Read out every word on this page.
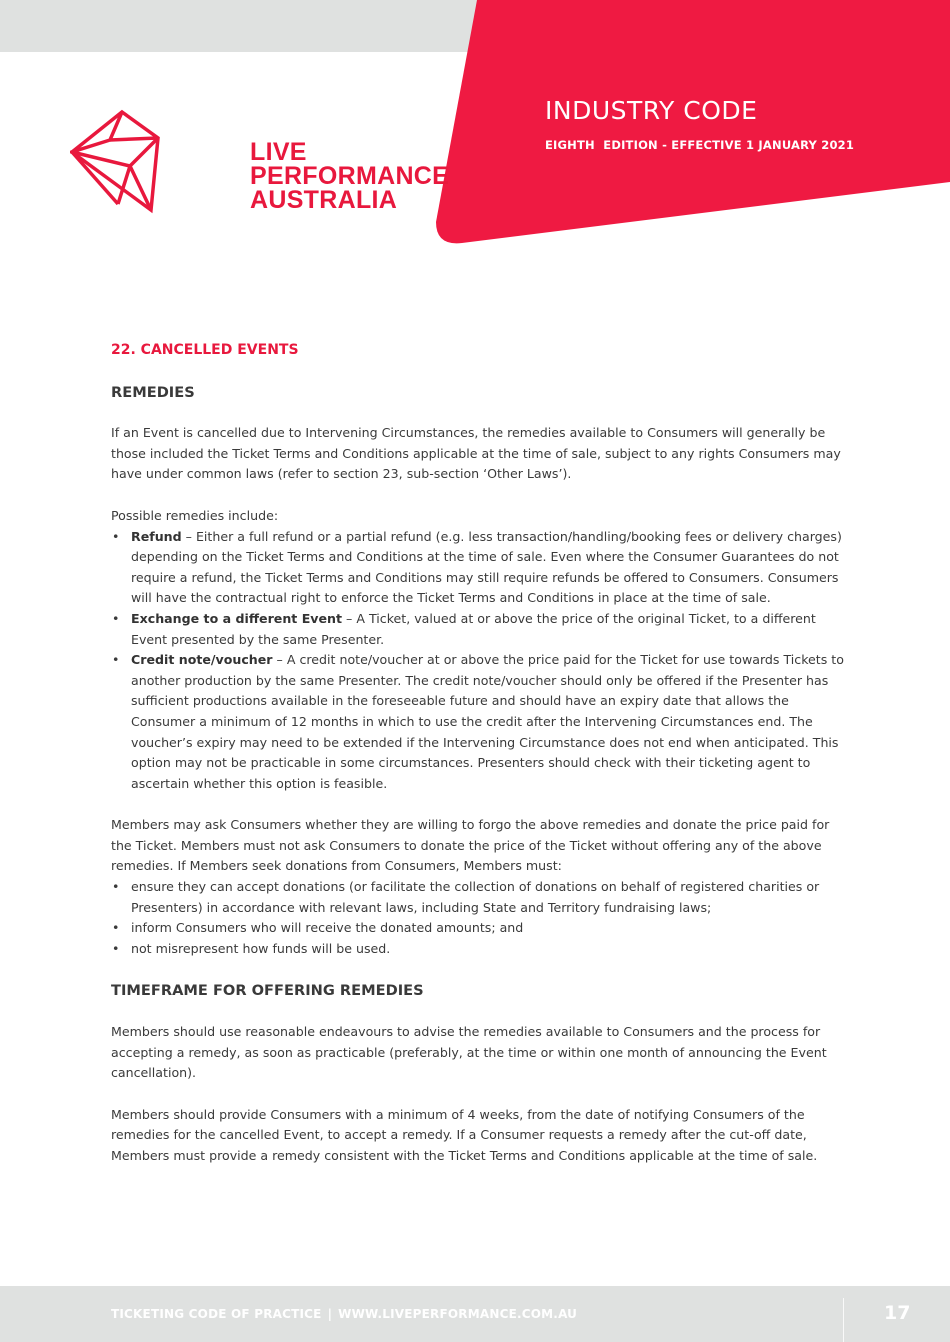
LIVE
PERFORMANCE
AUSTRALIA
INDUSTRY CODE
EIGHTH  EDITION - EFFECTIVE 1 JANUARY 2021
22. CANCELLED EVENTS
REMEDIES

If an Event is cancelled due to Intervening Circumstances, the remedies available to Consumers will generally be those included the Ticket Terms and Conditions applicable at the time of sale, subject to any rights Consumers may have under common laws (refer to section 23, sub-section ‘Other Laws’).

Possible remedies include:

• Refund – Either a full refund or a partial refund (e.g. less transaction/handling/booking fees or delivery charges) depending on the Ticket Terms and Conditions at the time of sale. Even where the Consumer Guarantees do not require a refund, the Ticket Terms and Conditions may still require refunds be offered to Consumers. Consumers will have the contractual right to enforce the Ticket Terms and Conditions in place at the time of sale.
• Exchange to a different Event – A Ticket, valued at or above the price of the original Ticket, to a different Event presented by the same Presenter.
• Credit note/voucher – A credit note/voucher at or above the price paid for the Ticket for use towards Tickets to another production by the same Presenter. The credit note/voucher should only be offered if the Presenter has sufficient productions available in the foreseeable future and should have an expiry date that allows the Consumer a minimum of 12 months in which to use the credit after the Intervening Circumstances end. The voucher’s expiry may need to be extended if the Intervening Circumstance does not end when anticipated. This option may not be practicable in some circumstances. Presenters should check with their ticketing agent to ascertain whether this option is feasible.

Members may ask Consumers whether they are willing to forgo the above remedies and donate the price paid for the Ticket. Members must not ask Consumers to donate the price of the Ticket without offering any of the above remedies. If Members seek donations from Consumers, Members must:

• ensure they can accept donations (or facilitate the collection of donations on behalf of registered charities or Presenters) in accordance with relevant laws, including State and Territory fundraising laws;
• inform Consumers who will receive the donated amounts; and
• not misrepresent how funds will be used.
TIMEFRAME FOR OFFERING REMEDIES

Members should use reasonable endeavours to advise the remedies available to Consumers and the process for accepting a remedy, as soon as practicable (preferably, at the time or within one month of announcing the Event cancellation).

Members should provide Consumers with a minimum of 4 weeks, from the date of notifying Consumers of the remedies for the cancelled Event, to accept a remedy. If a Consumer requests a remedy after the cut-off date, Members must provide a remedy consistent with the Ticket Terms and Conditions applicable at the time of sale.

TICKETING CODE OF PRACTICE | WWW.LIVEPERFORMANCE.COM.AU	17
